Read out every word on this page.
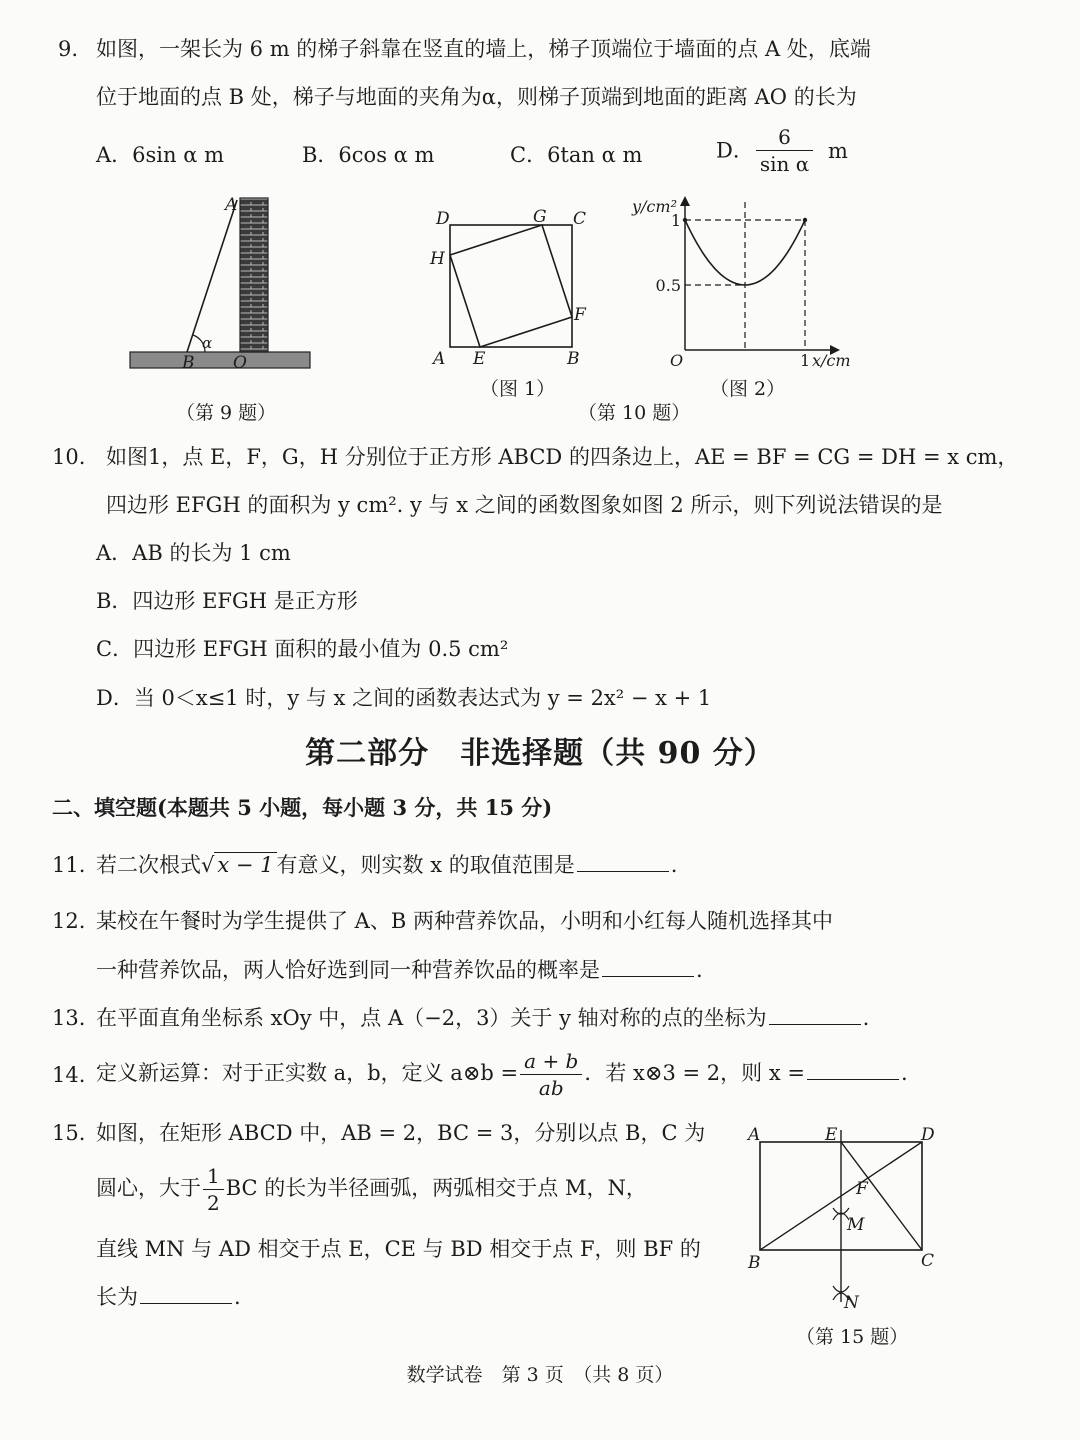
9. 如图，一架长为 6 m 的梯子斜靠在竖直的墙上，梯子顶端位于墙面的点 A 处，底端
位于地面的点 B 处，梯子与地面的夹角为α，则梯子顶端到地面的距离 AO 的长为
A．6sin α m	B．6cos α m	C．6tan α m	D． $\frac{6}{\text{sin α}}$ m
A
B O
α
（第 9 题）
D	G C
H
F
A E	B
（图 1）
y/cm²
1
0.5
O	1 x/cm
（图 2）
（第 10 题）
10. 如图1，点 E，F，G，H 分别位于正方形 ABCD 的四条边上，AE = BF = CG = DH = x cm，
四边形 EFGH 的面积为 y cm². y 与 x 之间的函数图象如图 2 所示，则下列说法错误的是
A．AB 的长为 1 cm
B．四边形 EFGH 是正方形
C．四边形 EFGH 面积的最小值为 0.5 cm²
D．当 0＜x≤1 时，y 与 x 之间的函数表达式为 y = 2x² − x + 1
第二部分　非选择题（共 90 分）
二、填空题(本题共 5 小题，每小题 3 分，共 15 分)
11. 若二次根式√ x − 1 有意义，则实数 x 的取值范围是	.
12. 某校在午餐时为学生提供了 A、B 两种营养饮品，小明和小红每人随机选择其中
一种营养饮品，两人恰好选到同一种营养饮品的概率是	.
13. 在平面直角坐标系 xOy 中，点 A（−2，3）关于 y 轴对称的点的坐标为	.
14. 定义新运算：对于正实数 a，b，定义 a⊗b = $\frac{a + b}{ab}$ ．若 x⊗3 = 2，则 x =	.
15. 如图，在矩形 ABCD 中，AB = 2，BC = 3，分别以点 B，C 为
圆心，大于 $\frac{1}{2}$ BC 的长为半径画弧，两弧相交于点 M，N，
直线 MN 与 AD 相交于点 E，CE 与 BD 相交于点 F，则 BF 的
长为	.
A	E	D
F
M
B	C
N
（第 15 题）
数学试卷　第 3 页　（共 8 页）
